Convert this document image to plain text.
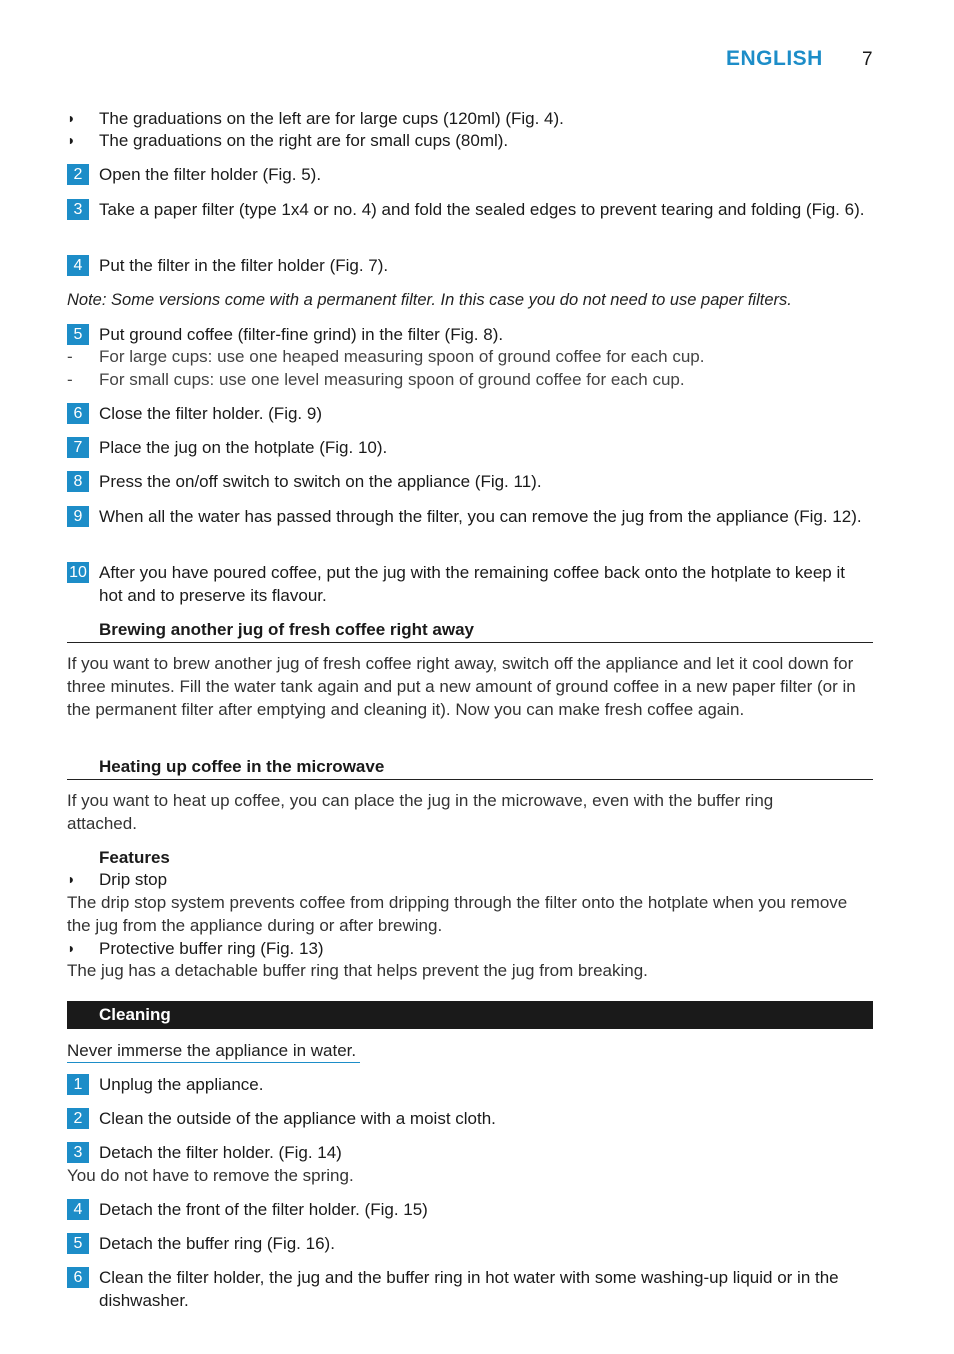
ENGLISH 7
◗ The graduations on the left are for large cups (120ml) (Fig. 4).
◗ The graduations on the right are for small cups (80ml).
2 Open the filter holder (Fig. 5).
3 Take a paper filter (type 1x4 or no. 4) and fold the sealed edges to prevent tearing and folding (Fig. 6).
4 Put the filter in the filter holder (Fig. 7).
Note: Some versions come with a permanent filter. In this case you do not need to use paper filters.
5 Put ground coffee (filter-fine grind) in the filter (Fig. 8).
- For large cups: use one heaped measuring spoon of ground coffee for each cup.
- For small cups: use one level measuring spoon of ground coffee for each cup.
6 Close the filter holder. (Fig. 9)
7 Place the jug on the hotplate (Fig. 10).
8 Press the on/off switch to switch on the appliance (Fig. 11).
9 When all the water has passed through the filter, you can remove the jug from the appliance (Fig. 12).
10 After you have poured coffee, put the jug with the remaining coffee back onto the hotplate to keep it hot and to preserve its flavour.
Brewing another jug of fresh coffee right away
If you want to brew another jug of fresh coffee right away, switch off the appliance and let it cool down for three minutes. Fill the water tank again and put a new amount of ground coffee in a new paper filter (or in the permanent filter after emptying and cleaning it). Now you can make fresh coffee again.
Heating up coffee in the microwave
If you want to heat up coffee, you can place the jug in the microwave, even with the buffer ring attached.
Features
◗ Drip stop
The drip stop system prevents coffee from dripping through the filter onto the hotplate when you remove the jug from the appliance during or after brewing.
◗ Protective buffer ring (Fig. 13)
The jug has a detachable buffer ring that helps prevent the jug from breaking.
Cleaning
Never immerse the appliance in water.
1 Unplug the appliance.
2 Clean the outside of the appliance with a moist cloth.
3 Detach the filter holder. (Fig. 14)
You do not have to remove the spring.
4 Detach the front of the filter holder. (Fig. 15)
5 Detach the buffer ring (Fig. 16).
6 Clean the filter holder, the jug and the buffer ring in hot water with some washing-up liquid or in the dishwasher.
